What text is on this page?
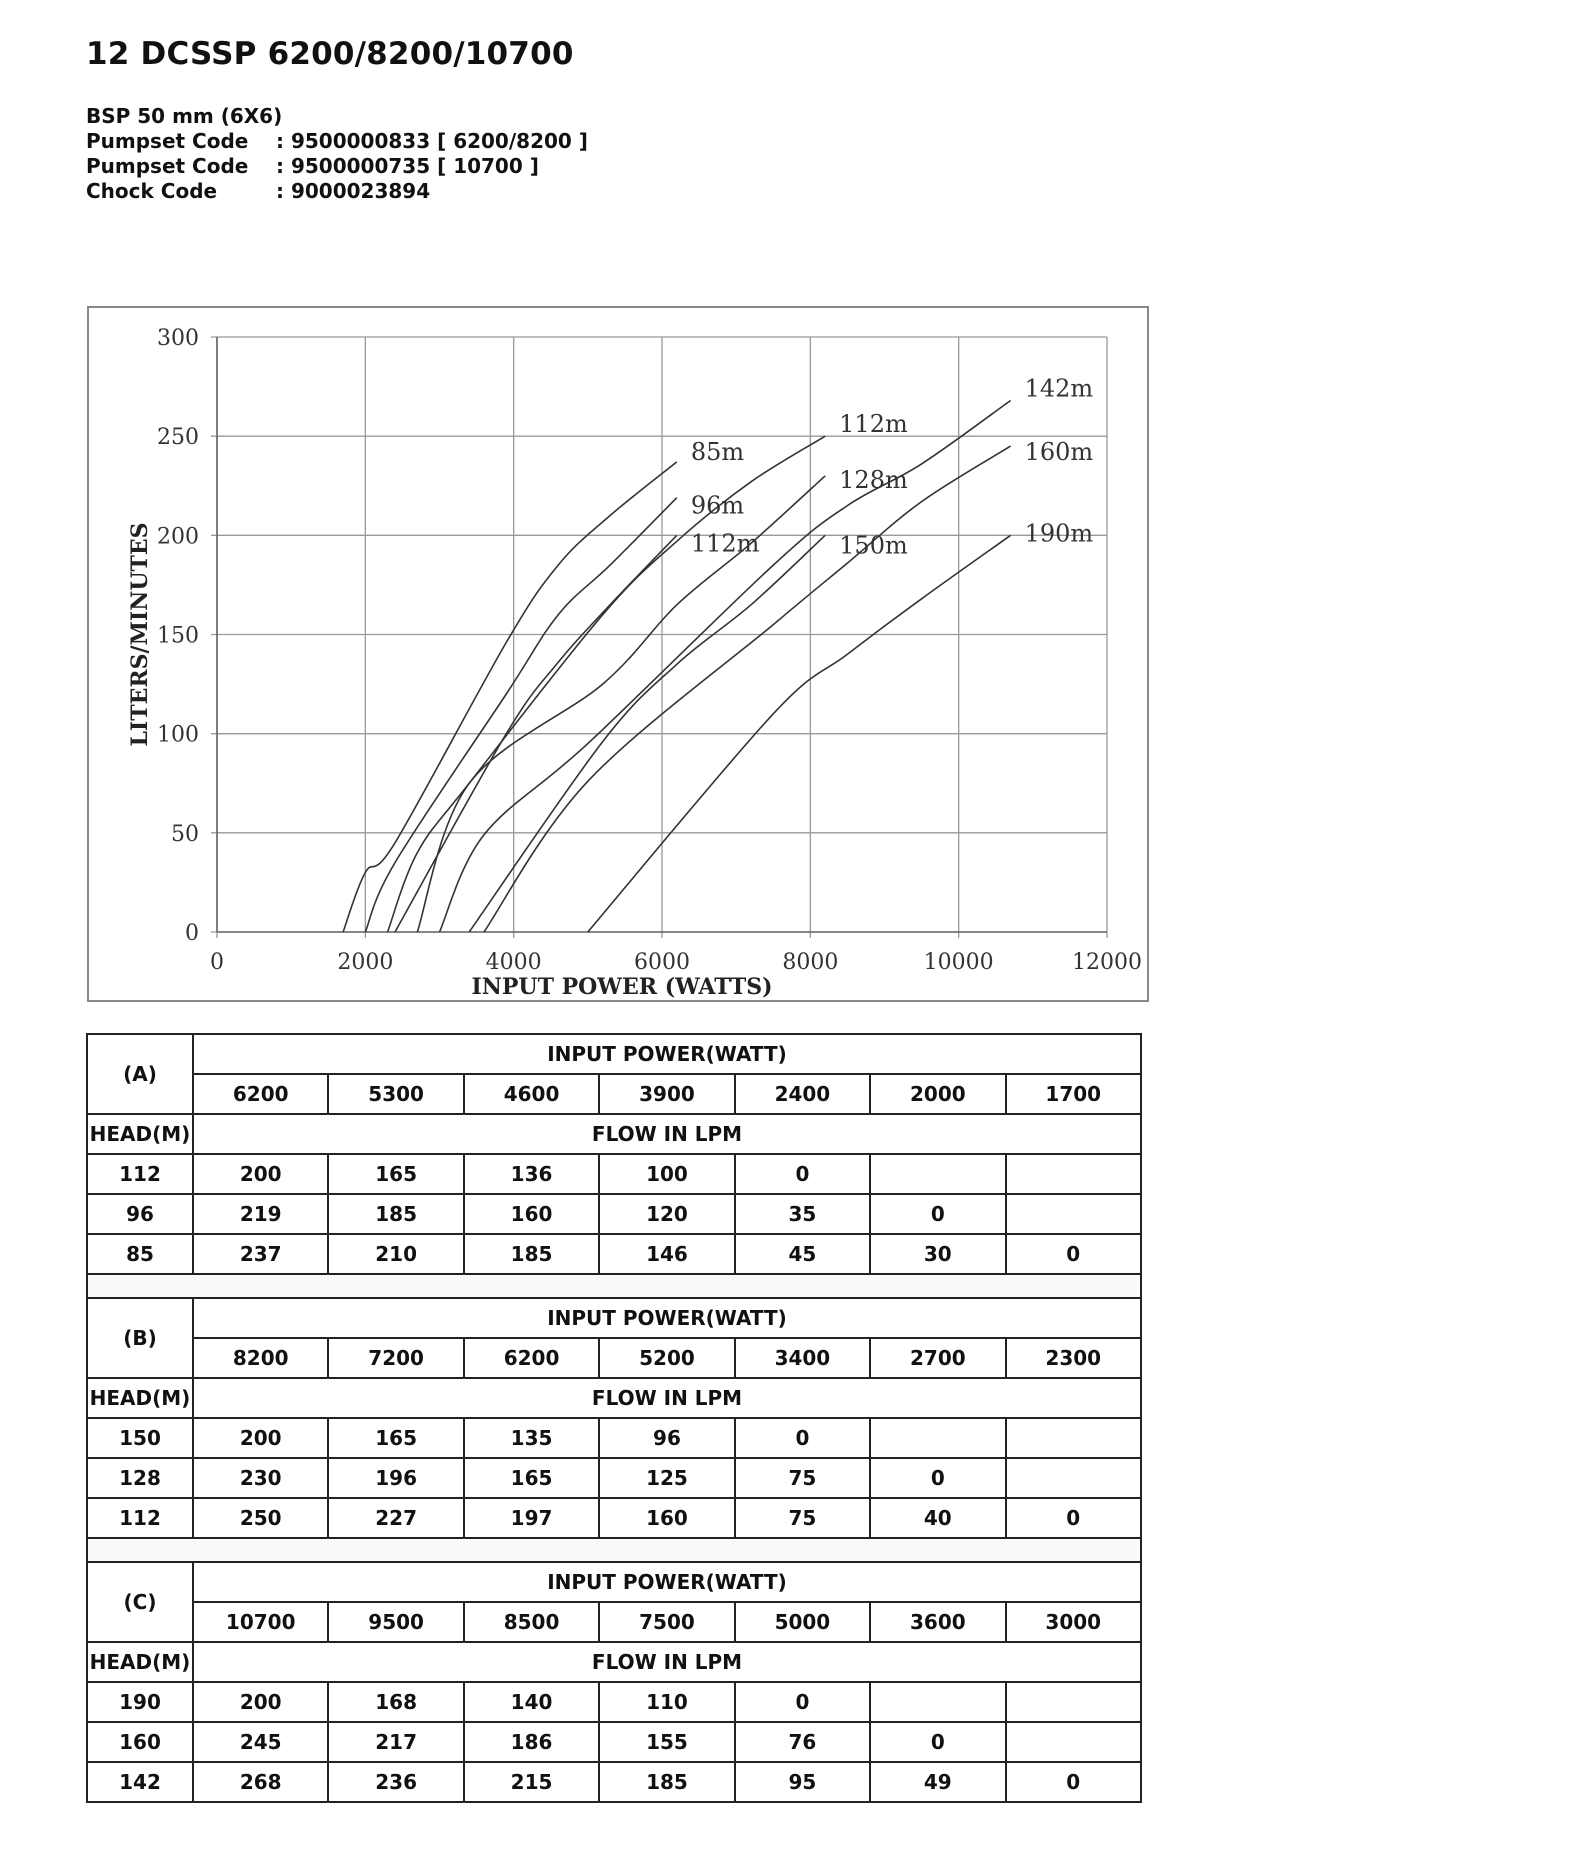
12 DCSSP 6200/8200/10700
BSP 50 mm (6X6)
Pumpset Code	: 9500000833 [ 6200/8200 ]
Pumpset Code	: 9500000735 [ 10700 ]
Chock Code	: 9000023894
0
50
100
150
200
250
300
0	2000	4000	6000	8000	10000	12000
INPUT POWER (WATTS)
LITERS/MINUTES
85m
96m
112m
112m
128m
150m
142m
160m
190m
(A)	INPUT POWER(WATT)						
	6200	5300	4600	3900	2400	2000	1700
HEAD(M)	FLOW IN LPM						
112	200	165	136	100	0		
96	219	185	160	120	35	0	
85	237	210	185	146	45	30	0
(B)	INPUT POWER(WATT)						
	8200	7200	6200	5200	3400	2700	2300
HEAD(M)	FLOW IN LPM						
150	200	165	135	96	0		
128	230	196	165	125	75	0	
112	250	227	197	160	75	40	0
(C)	INPUT POWER(WATT)						
	10700	9500	8500	7500	5000	3600	3000
HEAD(M)	FLOW IN LPM						
190	200	168	140	110	0		
160	245	217	186	155	76	0	
142	268	236	215	185	95	49	0
